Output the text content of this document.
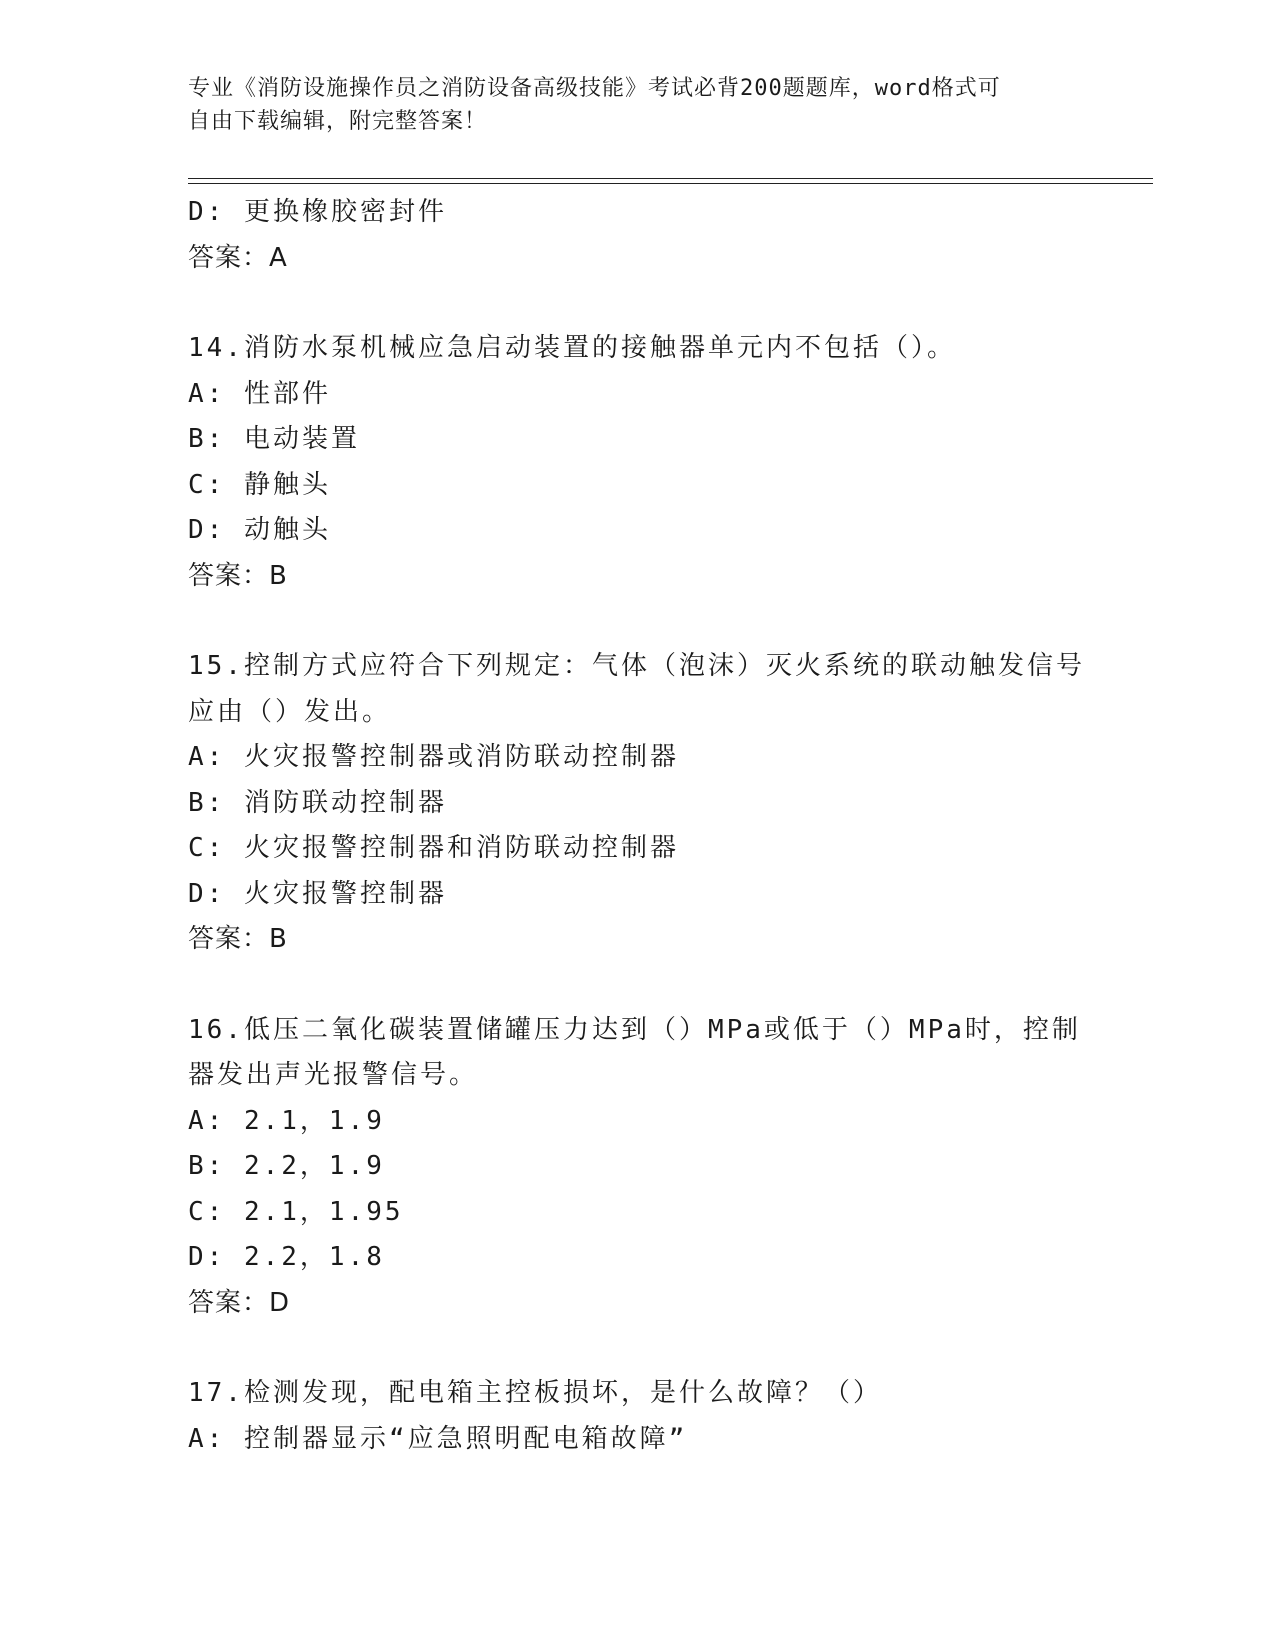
专业《消防设施操作员之消防设备高级技能》考试必背200题题库，word格式可
自由下载编辑，附完整答案！
D: 更换橡胶密封件
答案：A
14.消防水泵机械应急启动装置的接触器单元内不包括（）。
A: 性部件
B: 电动装置
C: 静触头
D: 动触头
答案：B
15.控制方式应符合下列规定：气体（泡沫）灭火系统的联动触发信号
应由（）发出。
A: 火灾报警控制器或消防联动控制器
B: 消防联动控制器
C: 火灾报警控制器和消防联动控制器
D: 火灾报警控制器
答案：B
16.低压二氧化碳装置储罐压力达到（）MPa或低于（）MPa时，控制
器发出声光报警信号。
A: 2.1，1.9
B: 2.2，1.9
C: 2.1，1.95
D: 2.2，1.8
答案：D
17.检测发现，配电箱主控板损坏，是什么故障？（）
A: 控制器显示“应急照明配电箱故障”
